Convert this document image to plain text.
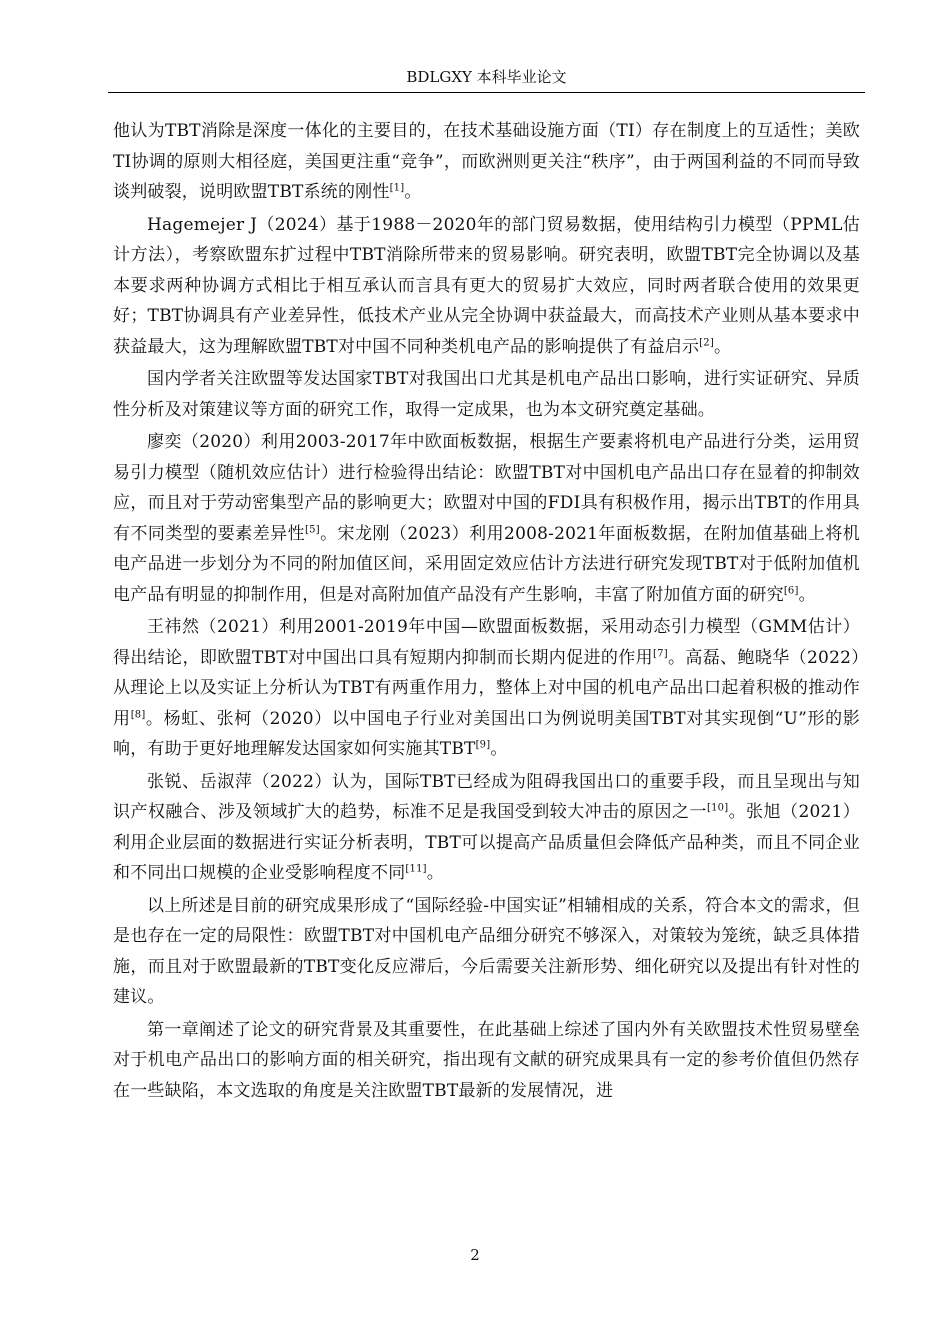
BDLGXY 本科毕业论文

他认为TBT消除是深度一体化的主要目的，在技术基础设施方面（TI）存在制度上的互适性；美欧TI协调的原则大相径庭，美国更注重“竞争”，而欧洲则更关注“秩序”，由于两国利益的不同而导致谈判破裂，说明欧盟TBT系统的刚性[1]。

Hagemejer J（2024）基于1988－2020年的部门贸易数据，使用结构引力模型（PPML估计方法），考察欧盟东扩过程中TBT消除所带来的贸易影响。研究表明，欧盟TBT完全协调以及基本要求两种协调方式相比于相互承认而言具有更大的贸易扩大效应，同时两者联合使用的效果更好；TBT协调具有产业差异性，低技术产业从完全协调中获益最大，而高技术产业则从基本要求中获益最大，这为理解欧盟TBT对中国不同种类机电产品的影响提供了有益启示[2]。

国内学者关注欧盟等发达国家TBT对我国出口尤其是机电产品出口影响，进行实证研究、异质性分析及对策建议等方面的研究工作，取得一定成果，也为本文研究奠定基础。

廖奕（2020）利用2003-2017年中欧面板数据，根据生产要素将机电产品进行分类，运用贸易引力模型（随机效应估计）进行检验得出结论：欧盟TBT对中国机电产品出口存在显着的抑制效应，而且对于劳动密集型产品的影响更大；欧盟对中国的FDI具有积极作用，揭示出TBT的作用具有不同类型的要素差异性[5]。宋龙刚（2023）利用2008-2021年面板数据，在附加值基础上将机电产品进一步划分为不同的附加值区间，采用固定效应估计方法进行研究发现TBT对于低附加值机电产品有明显的抑制作用，但是对高附加值产品没有产生影响，丰富了附加值方面的研究[6]。

王祎然（2021）利用2001-2019年中国—欧盟面板数据，采用动态引力模型（GMM估计）得出结论，即欧盟TBT对中国出口具有短期内抑制而长期内促进的作用[7]。高磊、鲍晓华（2022）从理论上以及实证上分析认为TBT有两重作用力，整体上对中国的机电产品出口起着积极的推动作用[8]。杨虹、张柯（2020）以中国电子行业对美国出口为例说明美国TBT对其实现倒“U”形的影响，有助于更好地理解发达国家如何实施其TBT[9]。

张锐、岳淑萍（2022）认为，国际TBT已经成为阻碍我国出口的重要手段，而且呈现出与知识产权融合、涉及领域扩大的趋势，标准不足是我国受到较大冲击的原因之一[10]。张旭（2021）利用企业层面的数据进行实证分析表明，TBT可以提高产品质量但会降低产品种类，而且不同企业和不同出口规模的企业受影响程度不同[11]。

以上所述是目前的研究成果形成了“国际经验-中国实证”相辅相成的关系，符合本文的需求，但是也存在一定的局限性：欧盟TBT对中国机电产品细分研究不够深入，对策较为笼统，缺乏具体措施，而且对于欧盟最新的TBT变化反应滞后，今后需要关注新形势、细化研究以及提出有针对性的建议。

第一章阐述了论文的研究背景及其重要性，在此基础上综述了国内外有关欧盟技术性贸易壁垒对于机电产品出口的影响方面的相关研究，指出现有文献的研究成果具有一定的参考价值但仍然存在一些缺陷，本文选取的角度是关注欧盟TBT最新的发展情况，进

2
